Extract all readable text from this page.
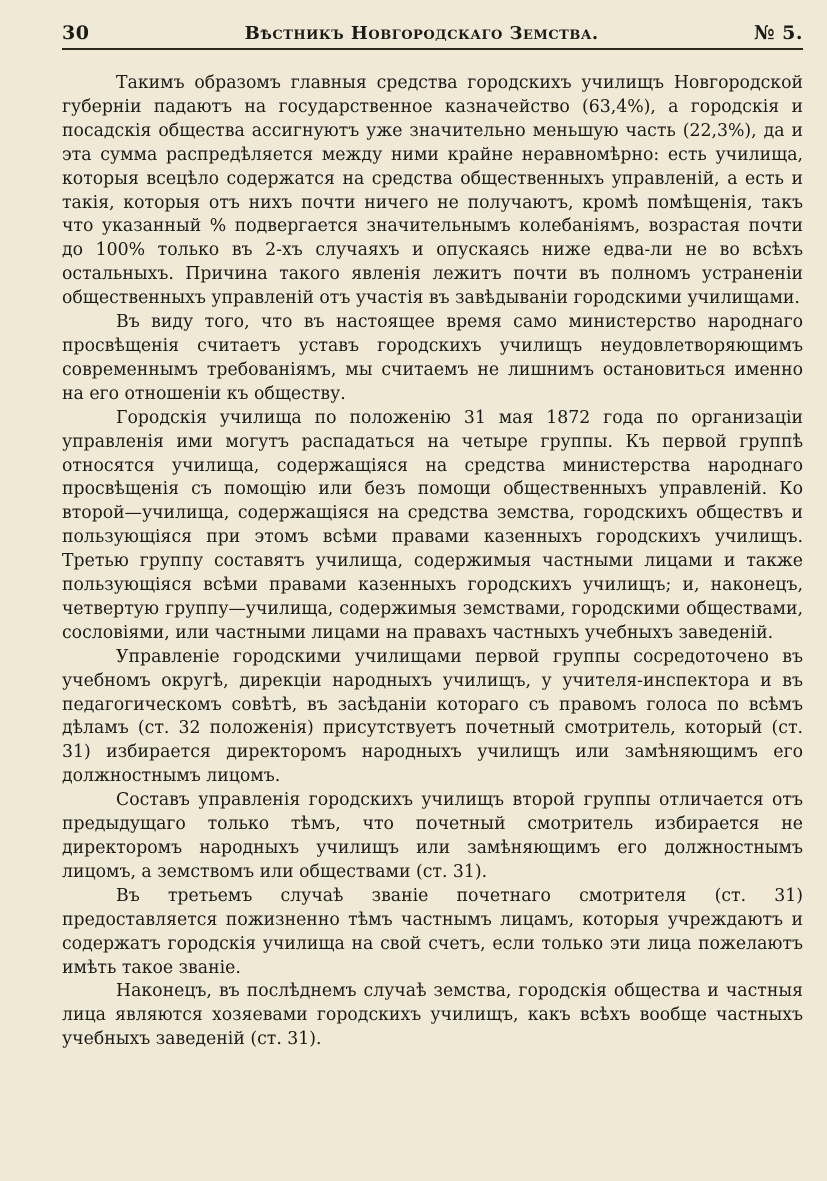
30	Вѣстникъ Новгородскаго Земства.	№ 5.

Такимъ образомъ главныя средства городскихъ училищъ Новгородской губерніи падаютъ на государственное казначейство (63,4%), а городскія и посадскія общества ассигнуютъ уже значительно меньшую часть (22,3%), да и эта сумма распредѣляется между ними крайне неравномѣрно: есть училища, которыя всецѣло содержатся на средства общественныхъ управленій, а есть и такія, которыя отъ нихъ почти ничего не получаютъ, кромѣ помѣщенія, такъ что указанный % подвергается значительнымъ колебаніямъ, возрастая почти до 100% только въ 2-хъ случаяхъ и опускаясь ниже едва-ли не во всѣхъ остальныхъ. Причина такого явленія лежитъ почти въ полномъ устраненіи общественныхъ управленій отъ участія въ завѣдываніи городскими училищами.

Въ виду того, что въ настоящее время само министерство народнаго просвѣщенія считаетъ уставъ городскихъ училищъ неудовлетворяющимъ современнымъ требованіямъ, мы считаемъ не лишнимъ остановиться именно на его отношеніи къ обществу.

Городскія училища по положенію 31 мая 1872 года по организаціи управленія ими могутъ распадаться на четыре группы. Къ первой группѣ относятся училища, содержащіяся на средства министерства народнаго просвѣщенія съ помощію или безъ помощи общественныхъ управленій. Ко второй—училища, содержащіяся на средства земства, городскихъ обществъ и пользующіяся при этомъ всѣми правами казенныхъ городскихъ училищъ. Третью группу составятъ училища, содержимыя частными лицами и также пользующіяся всѣми правами казенныхъ городскихъ училищъ; и, наконецъ, четвертую группу—училища, содержимыя земствами, городскими обществами, сословіями, или частными лицами на правахъ частныхъ учебныхъ заведеній.

Управленіе городскими училищами первой группы сосредоточено въ учебномъ округѣ, дирекціи народныхъ училищъ, у учителя-инспектора и въ педагогическомъ совѣтѣ, въ засѣданіи котораго съ правомъ голоса по всѣмъ дѣламъ (ст. 32 положенія) присутствуетъ почетный смотритель, который (ст. 31) избирается директоромъ народныхъ училищъ или замѣняющимъ его должностнымъ лицомъ.

Составъ управленія городскихъ училищъ второй группы отличается отъ предыдущаго только тѣмъ, что почетный смотритель избирается не директоромъ народныхъ училищъ или замѣняющимъ его должностнымъ лицомъ, а земствомъ или обществами (ст. 31).

Въ третьемъ случаѣ званіе почетнаго смотрителя (ст. 31) предоставляется пожизненно тѣмъ частнымъ лицамъ, которыя учреждаютъ и содержатъ городскія училища на свой счетъ, если только эти лица пожелаютъ имѣть такое званіе.

Наконецъ, въ послѣднемъ случаѣ земства, городскія общества и частныя лица являются хозяевами городскихъ училищъ, какъ всѣхъ вообще частныхъ учебныхъ заведеній (ст. 31).
